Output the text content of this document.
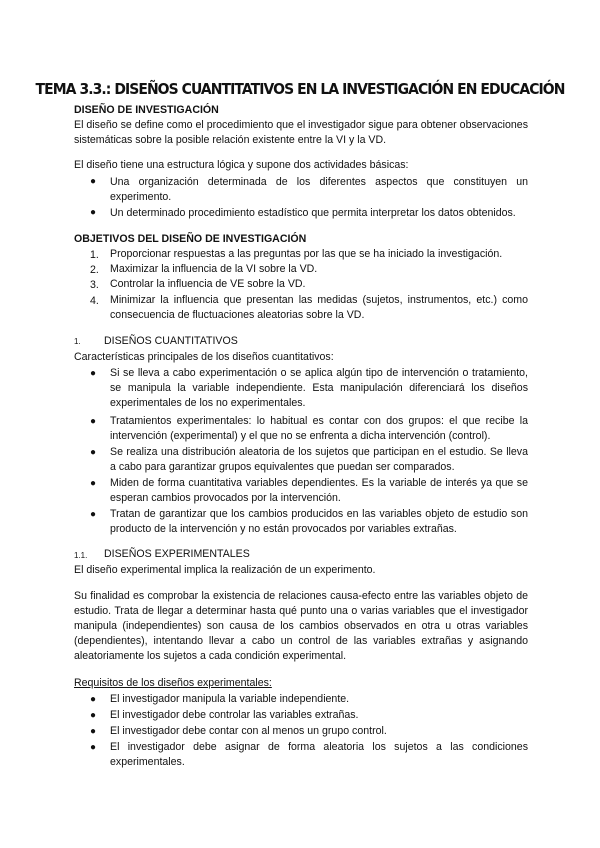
TEMA 3.3.: DISEÑOS CUANTITATIVOS EN LA INVESTIGACIÓN EN EDUCACIÓN
DISEÑO DE INVESTIGACIÓN
El diseño se define como el procedimiento que el investigador sigue para obtener observaciones sistemáticas sobre la posible relación existente entre la VI y la VD.
El diseño tiene una estructura lógica y supone dos actividades básicas:
● Una organización determinada de los diferentes aspectos que constituyen un experimento.
● Un determinado procedimiento estadístico que permita interpretar los datos obtenidos.
OBJETIVOS DEL DISEÑO DE INVESTIGACIÓN
1. Proporcionar respuestas a las preguntas por las que se ha iniciado la investigación.
2. Maximizar la influencia de la VI sobre la VD.
3. Controlar la influencia de VE sobre la VD.
4. Minimizar la influencia que presentan las medidas (sujetos, instrumentos, etc.) como consecuencia de fluctuaciones aleatorias sobre la VD.
1. DISEÑOS CUANTITATIVOS
Características principales de los diseños cuantitativos:
● Si se lleva a cabo experimentación o se aplica algún tipo de intervención o tratamiento, se manipula la variable independiente. Esta manipulación diferenciará los diseños experimentales de los no experimentales.
● Tratamientos experimentales: lo habitual es contar con dos grupos: el que recibe la intervención (experimental) y el que no se enfrenta a dicha intervención (control).
● Se realiza una distribución aleatoria de los sujetos que participan en el estudio. Se lleva a cabo para garantizar grupos equivalentes que puedan ser comparados.
● Miden de forma cuantitativa variables dependientes. Es la variable de interés ya que se esperan cambios provocados por la intervención.
● Tratan de garantizar que los cambios producidos en las variables objeto de estudio son producto de la intervención y no están provocados por variables extrañas.
1.1. DISEÑOS EXPERIMENTALES
El diseño experimental implica la realización de un experimento.
Su finalidad es comprobar la existencia de relaciones causa-efecto entre las variables objeto de estudio. Trata de llegar a determinar hasta qué punto una o varias variables que el investigador manipula (independientes) son causa de los cambios observados en otra u otras variables (dependientes), intentando llevar a cabo un control de las variables extrañas y asignando aleatoriamente los sujetos a cada condición experimental.
Requisitos de los diseños experimentales:
● El investigador manipula la variable independiente.
● El investigador debe controlar las variables extrañas.
● El investigador debe contar con al menos un grupo control.
● El investigador debe asignar de forma aleatoria los sujetos a las condiciones experimentales.
